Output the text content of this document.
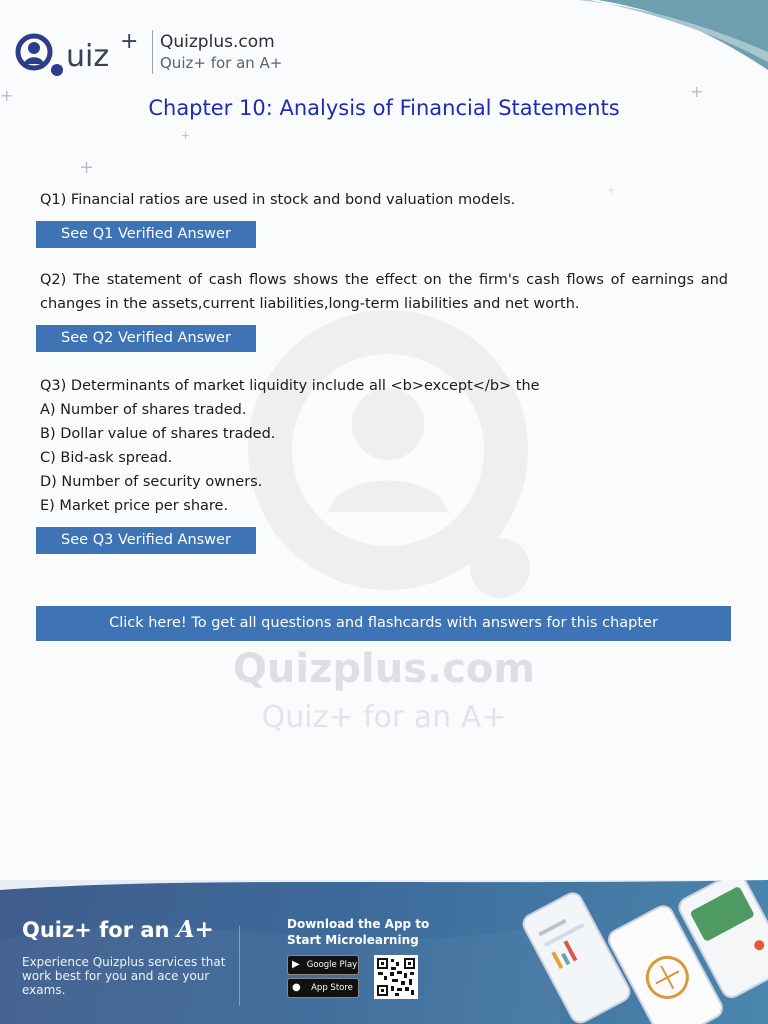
+	+
+
+
+
Quizplus.com
Quiz+ for an A+
uiz + Quizplus.com
Quiz+ for an A+
Chapter 10: Analysis of Financial Statements

Q1) Financial ratios are used in stock and bond valuation models.

See Q1 Verified Answer

Q2) The statement of cash flows shows the effect on the firm's cash flows of earnings and changes in the assets,current liabilities,long-term liabilities and net worth.

See Q2 Verified Answer

Q3) Determinants of market liquidity include all <b>except</b> the

A) Number of shares traded.
B) Dollar value of shares traded.
C) Bid-ask spread.
D) Number of security owners.
E) Market price per share.
See Q3 Verified Answer
Click here! To get all questions and flashcards with answers for this chapter
Quiz+ for an A+
Experience Quizplus services that work best for you and ace your exams.
Download the App to
Start Microlearning
▶ Google Play
● App Store
